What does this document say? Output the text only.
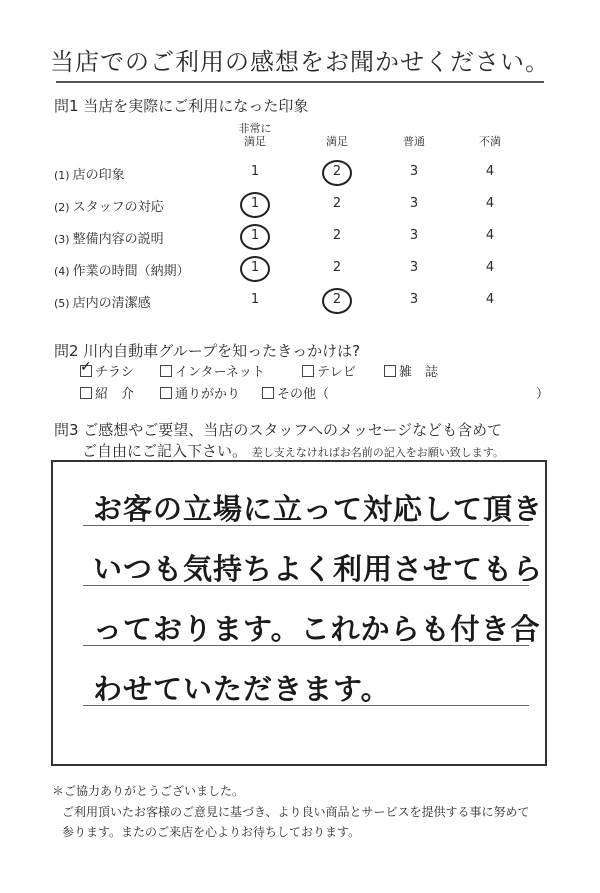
当店でのご利用の感想をお聞かせください。
問1 当店を実際にご利用になった印象
非常に
満足	満足	普通	不満
(1) 店の印象	1	2	3	4
(2) スタッフの対応	1	2	3	4
(3) 整備内容の説明	1	2	3	4
(4) 作業の時間（納期）	1	2	3	4
(5) 店内の清潔感	1	2	3	4
問2 川内自動車グループを知ったきっかけは?
✓ チラシ	インターネット	テレビ	雑　誌
紹　介	通りがかり	その他（	）
問3 ご感想やご要望、当店のスタッフへのメッセージなども含めて
ご自由にご記入下さい。 差し支えなければお名前の記入をお願い致します。
お客の立場に立って対応して頂き
いつも気持ちよく利用させてもら
っております。これからも付き合
わせていただきます。
＊ご協力ありがとうございました。
ご利用頂いたお客様のご意見に基づき、より良い商品とサービスを提供する事に努めて
参ります。またのご来店を心よりお待ちしております。
